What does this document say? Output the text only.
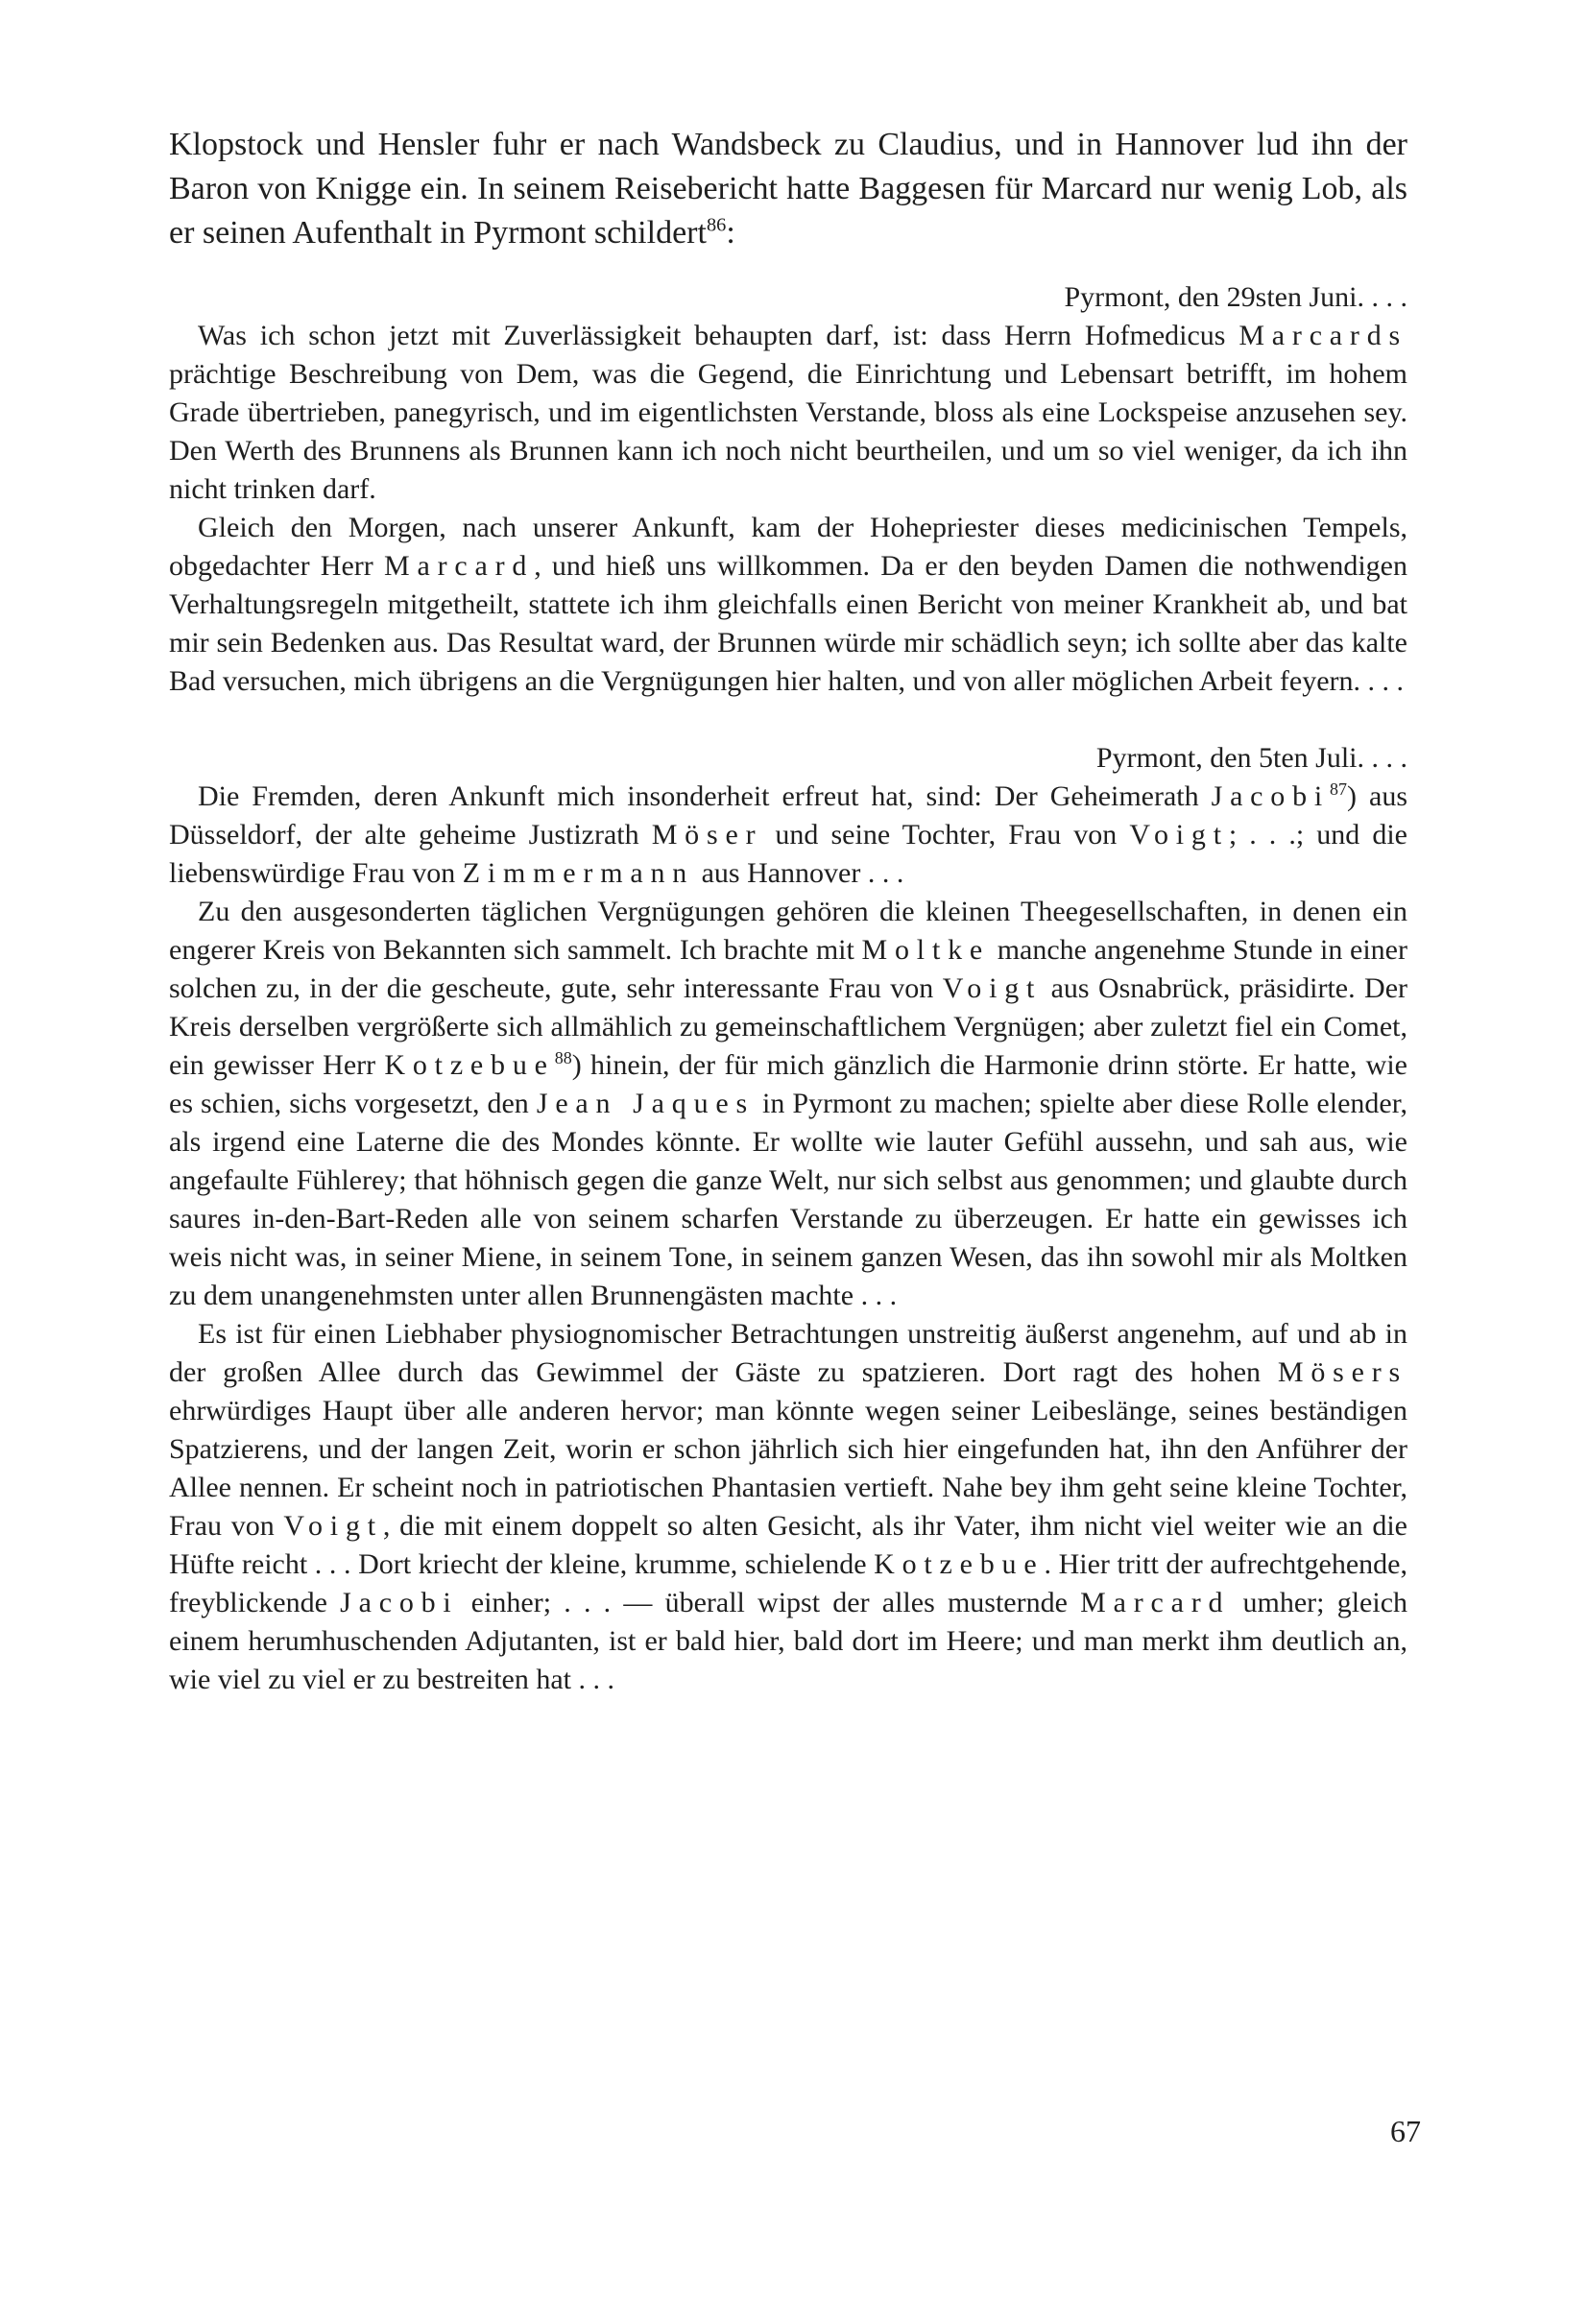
Klopstock und Hensler fuhr er nach Wandsbeck zu Claudius, und in Hannover lud ihn der Baron von Knigge ein. In seinem Reisebericht hatte Baggesen für Marcard nur wenig Lob, als er seinen Aufenthalt in Pyrmont schildert$^{86}$:

Pyrmont, den 29sten Juni. . . .

Was ich schon jetzt mit Zuverlässigkeit behaupten darf, ist: dass Herrn Hofmedicus Marcards prächtige Beschreibung von Dem, was die Gegend, die Einrichtung und Lebensart betrifft, im hohem Grade übertrieben, panegyrisch, und im eigentlichsten Verstande, bloss als eine Lockspeise anzusehen sey. Den Werth des Brunnens als Brunnen kann ich noch nicht beurtheilen, und um so viel weniger, da ich ihn nicht trinken darf.

Gleich den Morgen, nach unserer Ankunft, kam der Hohepriester dieses medicinischen Tempels, obgedachter Herr Marcard, und hieß uns willkommen. Da er den beyden Damen die nothwendigen Verhaltungsregeln mitgetheilt, stattete ich ihm gleichfalls einen Bericht von meiner Krankheit ab, und bat mir sein Bedenken aus. Das Resultat ward, der Brunnen würde mir schädlich seyn; ich sollte aber das kalte Bad versuchen, mich übrigens an die Vergnügungen hier halten, und von aller möglichen Arbeit feyern. . . .

Pyrmont, den 5ten Juli. . . .

Die Fremden, deren Ankunft mich insonderheit erfreut hat, sind: Der Geheimerath Jacobi$^{87}$) aus Düsseldorf, der alte geheime Justizrath Möser und seine Tochter, Frau von Voigt; . . .; und die liebenswürdige Frau von Zimmermann aus Hannover . . .

Zu den ausgesonderten täglichen Vergnügungen gehören die kleinen Theegesellschaften, in denen ein engerer Kreis von Bekannten sich sammelt. Ich brachte mit Moltke manche angenehme Stunde in einer solchen zu, in der die gescheute, gute, sehr interessante Frau von Voigt aus Osnabrück, präsidirte. Der Kreis derselben vergrößerte sich allmählich zu gemeinschaftlichem Vergnügen; aber zuletzt fiel ein Comet, ein gewisser Herr Kotzebue$^{88}$) hinein, der für mich gänzlich die Harmonie drinn störte. Er hatte, wie es schien, sichs vorgesetzt, den Jean Jaques in Pyrmont zu machen; spielte aber diese Rolle elender, als irgend eine Laterne die des Mondes könnte. Er wollte wie lauter Gefühl aussehn, und sah aus, wie angefaulte Fühlerey; that höhnisch gegen die ganze Welt, nur sich selbst aus genommen; und glaubte durch saures in-den-Bart-Reden alle von seinem scharfen Verstande zu überzeugen. Er hatte ein gewisses ich weis nicht was, in seiner Miene, in seinem Tone, in seinem ganzen Wesen, das ihn sowohl mir als Moltken zu dem unangenehmsten unter allen Brunnengästen machte . . .

Es ist für einen Liebhaber physiognomischer Betrachtungen unstreitig äußerst angenehm, auf und ab in der großen Allee durch das Gewimmel der Gäste zu spatzieren. Dort ragt des hohen Mösers ehrwürdiges Haupt über alle anderen hervor; man könnte wegen seiner Leibeslänge, seines beständigen Spatzierens, und der langen Zeit, worin er schon jährlich sich hier eingefunden hat, ihn den Anführer der Allee nennen. Er scheint noch in patriotischen Phantasien vertieft. Nahe bey ihm geht seine kleine Tochter, Frau von Voigt, die mit einem doppelt so alten Gesicht, als ihr Vater, ihm nicht viel weiter wie an die Hüfte reicht . . . Dort kriecht der kleine, krumme, schielende Kotzebue. Hier tritt der aufrechtgehende, freyblickende Jacobi einher; . . . — überall wipst der alles musternde Marcard umher; gleich einem herumhuschenden Adjutanten, ist er bald hier, bald dort im Heere; und man merkt ihm deutlich an, wie viel zu viel er zu bestreiten hat . . .

67
